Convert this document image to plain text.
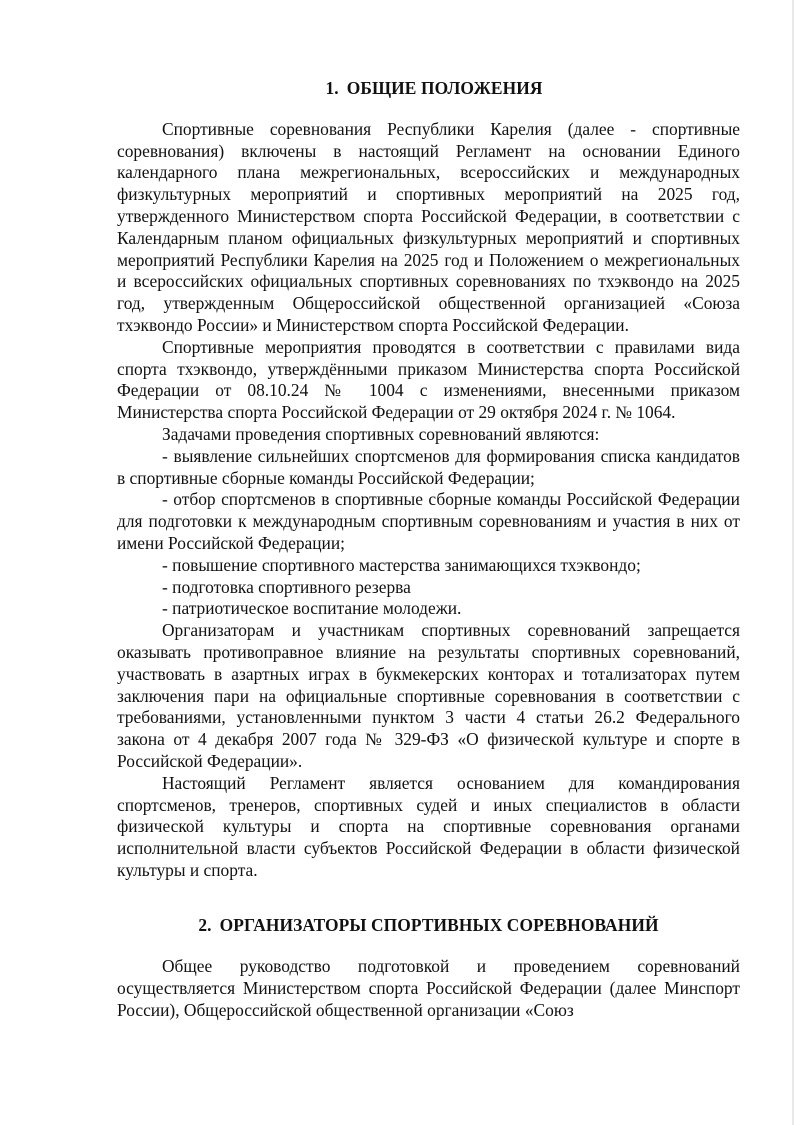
1. ОБЩИЕ ПОЛОЖЕНИЯ

Спортивные соревнования Республики Карелия (далее - спортивные соревнования) включены в настоящий Регламент на основании Единого календарного плана межрегиональных, всероссийских и международных физкультурных мероприятий и спортивных мероприятий на 2025 год, утвержденного Министерством спорта Российской Федерации, в соответствии с Календарным планом официальных физкультурных мероприятий и спортивных мероприятий Республики Карелия на 2025 год и Положением о межрегиональных и всероссийских официальных спортивных соревнованиях по тхэквондо на 2025 год, утвержденным Общероссийской общественной организацией «Союза тхэквондо России» и Министерством спорта Российской Федерации.

Спортивные мероприятия проводятся в соответствии с правилами вида спорта тхэквондо, утверждёнными приказом Министерства спорта Российской Федерации от 08.10.24 № 1004 с изменениями, внесенными приказом Министерства спорта Российской Федерации от 29 октября 2024 г. № 1064.

Задачами проведения спортивных соревнований являются:

- выявление сильнейших спортсменов для формирования списка кандидатов в спортивные сборные команды Российской Федерации;

- отбор спортсменов в спортивные сборные команды Российской Федерации для подготовки к международным спортивным соревнованиям и участия в них от имени Российской Федерации;

- повышение спортивного мастерства занимающихся тхэквондо;

- подготовка спортивного резерва

- патриотическое воспитание молодежи.

Организаторам и участникам спортивных соревнований запрещается оказывать противоправное влияние на результаты спортивных соревнований, участвовать в азартных играх в букмекерских конторах и тотализаторах путем заключения пари на официальные спортивные соревнования в соответствии с требованиями, установленными пунктом 3 части 4 статьи 26.2 Федерального закона от 4 декабря 2007 года № 329-ФЗ «О физической культуре и спорте в Российской Федерации».

Настоящий Регламент является основанием для командирования спортсменов, тренеров, спортивных судей и иных специалистов в области физической культуры и спорта на спортивные соревнования органами исполнительной власти субъектов Российской Федерации в области физической культуры и спорта.

2. ОРГАНИЗАТОРЫ СПОРТИВНЫХ СОРЕВНОВАНИЙ

Общее руководство подготовкой и проведением соревнований осуществляется Министерством спорта Российской Федерации (далее Минспорт России), Общероссийской общественной организации «Союз
